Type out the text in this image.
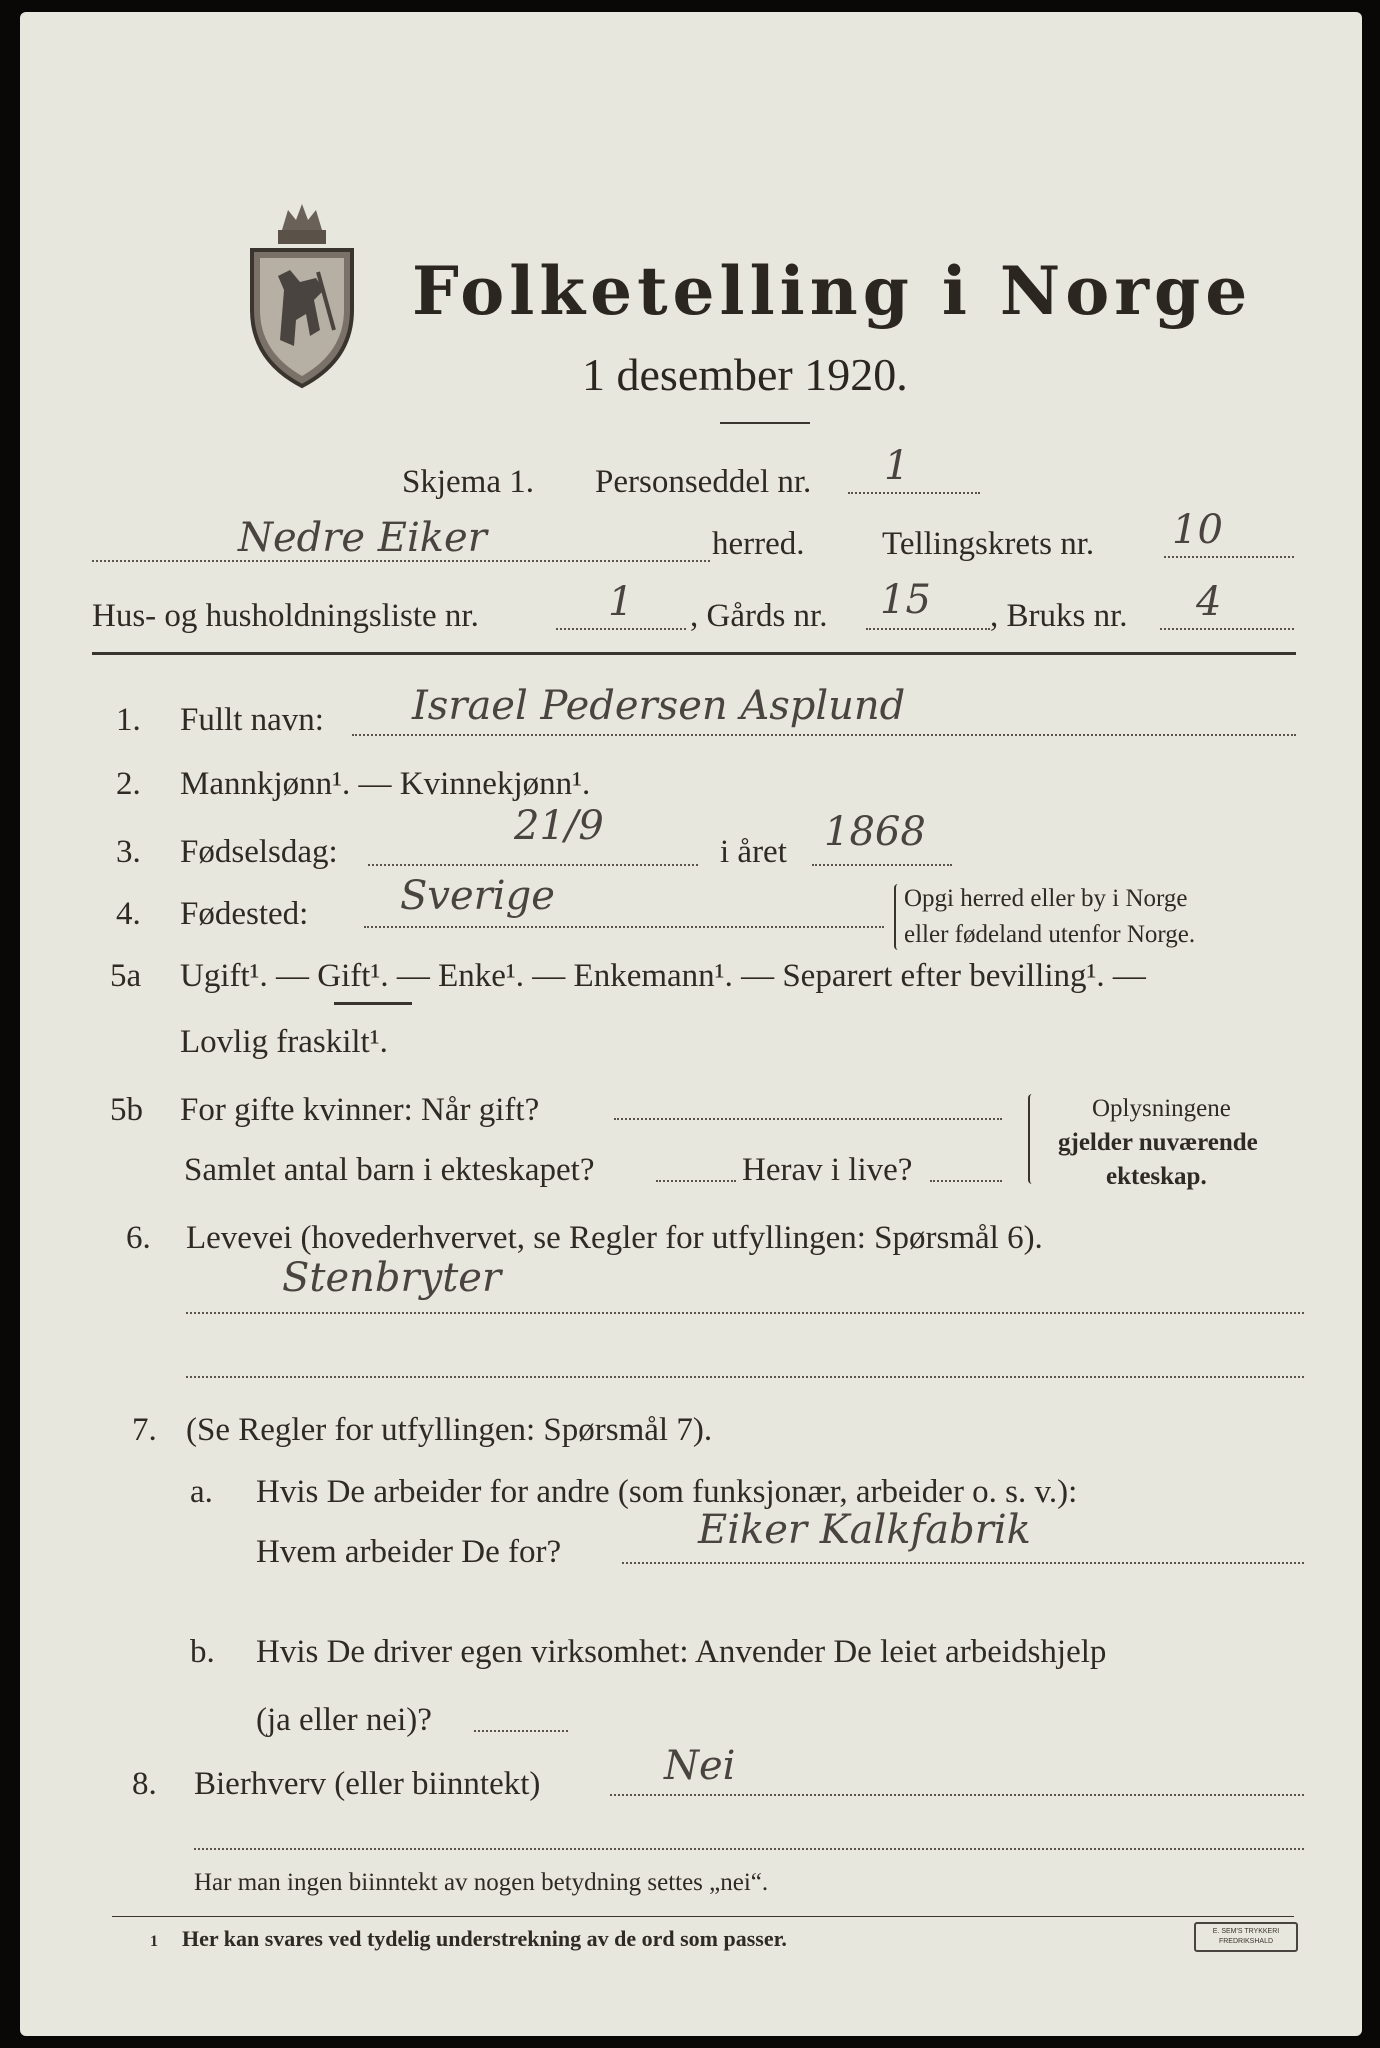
Folketelling i Norge
1 desember 1920.
Skjema 1. Personseddel nr. 1
Nedre Eiker	herred. Tellingskrets nr. 10
Hus- og husholdningsliste nr.	1 , Gårds nr. 15 , Bruks nr. 4
1. Fullt navn: Israel Pedersen Asplund
2. Mannkjønn¹. — Kvinnekjønn¹.
3. Fødselsdag:
21/9
i året 1868
4. Fødested: Sverige	Opgi herred eller by i Norge
eller fødeland utenfor Norge.
5a Ugift¹. — Gift¹. — Enke¹. — Enkemann¹. — Separert efter bevilling¹. —
Lovlig fraskilt¹.
5b For gifte kvinner: Når gift?
Samlet antal barn i ekteskapet?	Herav i live?
Oplysningene
gjelder nuværende
ekteskap.
6. Levevei (hovederhvervet, se Regler for utfyllingen: Spørsmål 6).
Stenbryter
7. (Se Regler for utfyllingen: Spørsmål 7).
a. Hvis De arbeider for andre (som funksjonær, arbeider o. s. v.):
Hvem arbeider De for?	Eiker Kalkfabrik
b. Hvis De driver egen virksomhet: Anvender De leiet arbeidshjelp
(ja eller nei)?
8. Bierhverv (eller biinntekt)	Nei
Har man ingen biinntekt av nogen betydning settes „nei“.
1 Her kan svares ved tydelig understrekning av de ord som passer.	E. SEM'S TRYKKERI FREDRIKSHALD
